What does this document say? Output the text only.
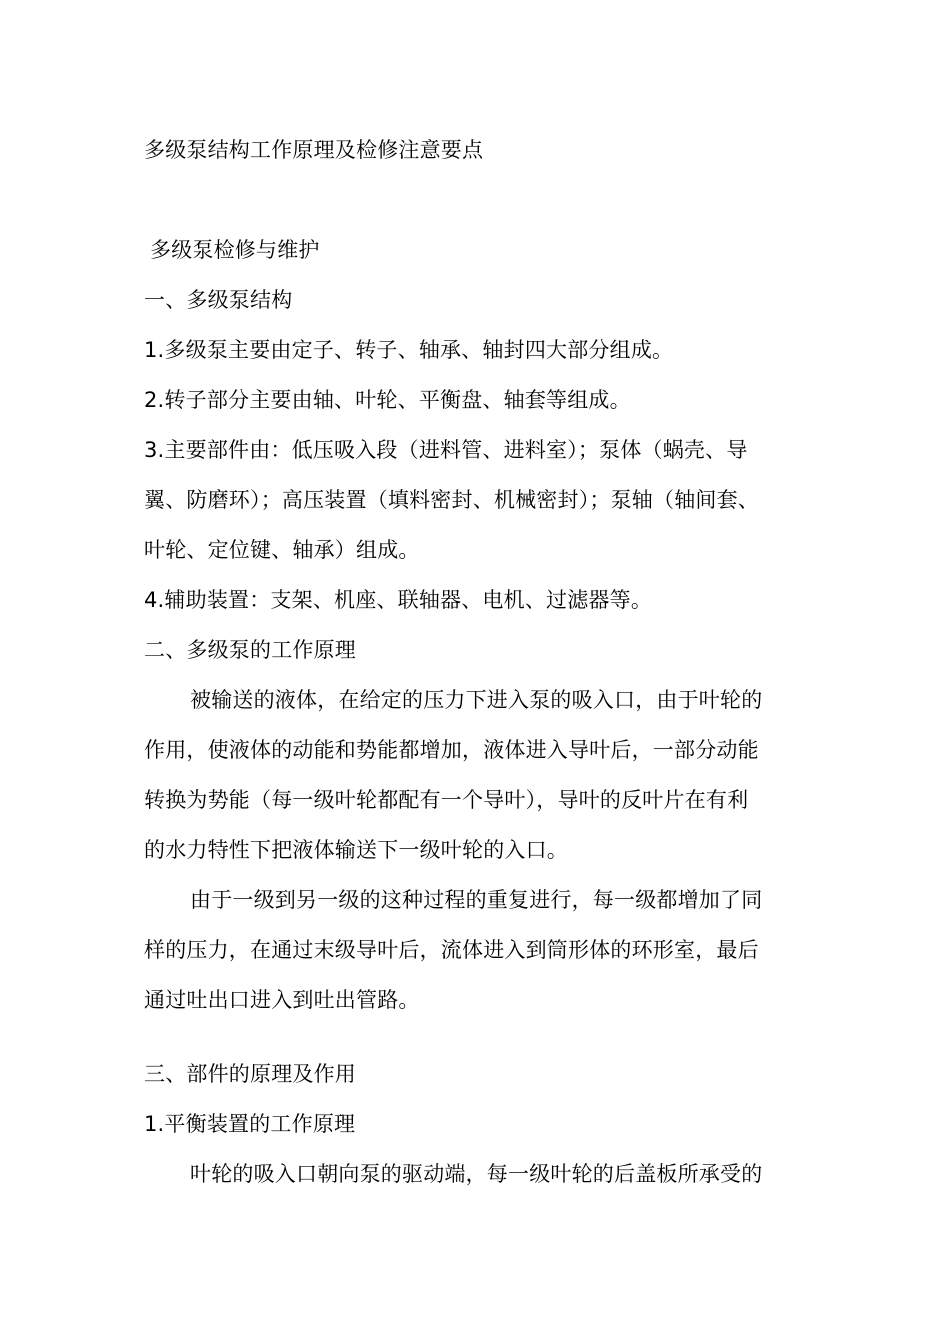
多级泵结构工作原理及检修注意要点
多级泵检修与维护
一、多级泵结构
1.多级泵主要由定子、转子、轴承、轴封四大部分组成。
2.转子部分主要由轴、叶轮、平衡盘、轴套等组成。
3.主要部件由：低压吸入段（进料管、进料室）；泵体（蜗壳、导
翼、防磨环）；高压装置（填料密封、机械密封）；泵轴（轴间套、
叶轮、定位键、轴承）组成。
4.辅助装置：支架、机座、联轴器、电机、过滤器等。
二、多级泵的工作原理
被输送的液体，在给定的压力下进入泵的吸入口，由于叶轮的
作用，使液体的动能和势能都增加，液体进入导叶后，一部分动能
转换为势能（每一级叶轮都配有一个导叶），导叶的反叶片在有利
的水力特性下把液体输送下一级叶轮的入口。
由于一级到另一级的这种过程的重复进行，每一级都增加了同
样的压力，在通过末级导叶后，流体进入到筒形体的环形室，最后
通过吐出口进入到吐出管路。
三、部件的原理及作用
1.平衡装置的工作原理
叶轮的吸入口朝向泵的驱动端，每一级叶轮的后盖板所承受的
